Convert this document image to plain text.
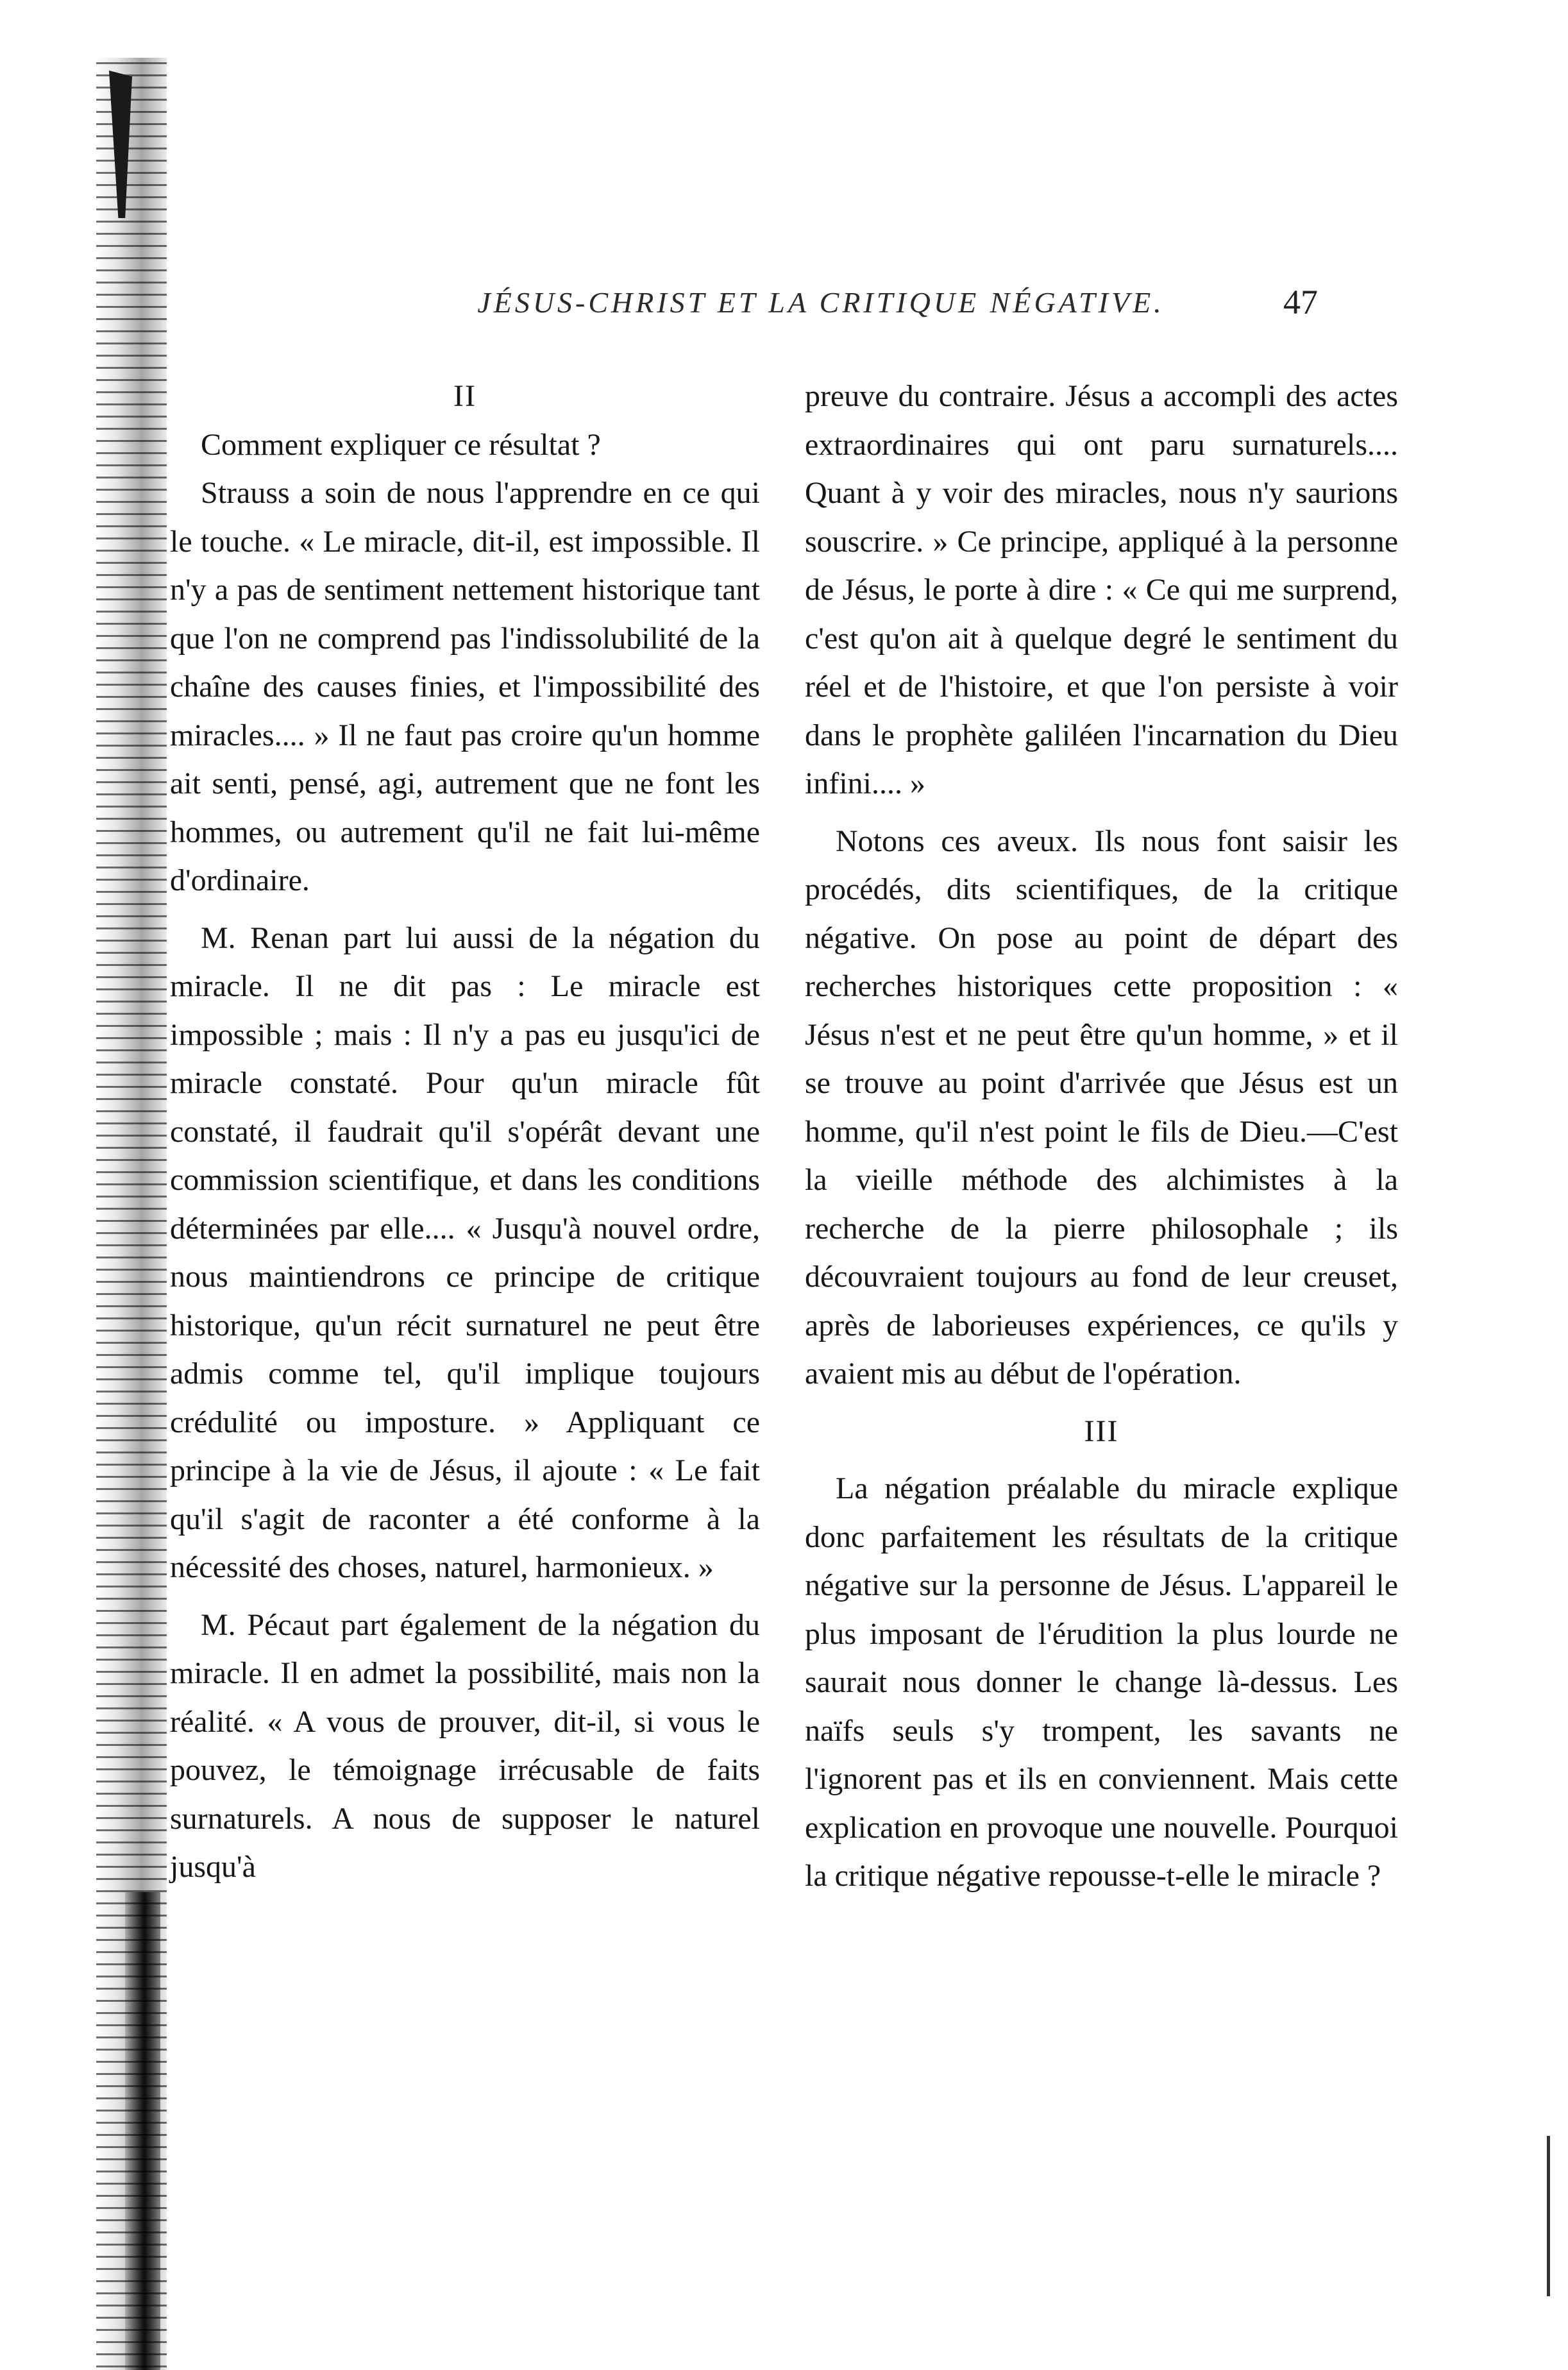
JÉSUS-CHRIST ET LA CRITIQUE NÉGATIVE.	47
II

Comment expliquer ce résultat ?

Strauss a soin de nous l'apprendre en ce qui le touche. « Le miracle, dit-il, est impossible. Il n'y a pas de sentiment nettement historique tant que l'on ne comprend pas l'indissolubilité de la chaîne des causes finies, et l'impossibilité des miracles.... » Il ne faut pas croire qu'un homme ait senti, pensé, agi, autrement que ne font les hommes, ou autrement qu'il ne fait lui-même d'ordinaire.

M. Renan part lui aussi de la négation du miracle. Il ne dit pas : Le miracle est impossible ; mais : Il n'y a pas eu jusqu'ici de miracle constaté. Pour qu'un miracle fût constaté, il faudrait qu'il s'opérât devant une commission scientifique, et dans les conditions déterminées par elle.... « Jusqu'à nouvel ordre, nous maintiendrons ce principe de critique historique, qu'un récit surnaturel ne peut être admis comme tel, qu'il implique toujours crédulité ou imposture. » Appliquant ce principe à la vie de Jésus, il ajoute : « Le fait qu'il s'agit de raconter a été conforme à la nécessité des choses, naturel, harmonieux. »

M. Pécaut part également de la négation du miracle. Il en admet la possibilité, mais non la réalité. « A vous de prouver, dit-il, si vous le pouvez, le témoignage irrécusable de faits surnaturels. A nous de supposer le naturel jusqu'à

preuve du contraire. Jésus a accompli des actes extraordinaires qui ont paru surnaturels.... Quant à y voir des miracles, nous n'y saurions souscrire. » Ce principe, appliqué à la personne de Jésus, le porte à dire : « Ce qui me surprend, c'est qu'on ait à quelque degré le sentiment du réel et de l'histoire, et que l'on persiste à voir dans le prophète galiléen l'incarnation du Dieu infini.... »

Notons ces aveux. Ils nous font saisir les procédés, dits scientifiques, de la critique négative. On pose au point de départ des recherches historiques cette proposition : « Jésus n'est et ne peut être qu'un homme, » et il se trouve au point d'arrivée que Jésus est un homme, qu'il n'est point le fils de Dieu.—C'est la vieille méthode des alchimistes à la recherche de la pierre philosophale ; ils découvraient toujours au fond de leur creuset, après de laborieuses expériences, ce qu'ils y avaient mis au début de l'opération.

III

La négation préalable du miracle explique donc parfaitement les résultats de la critique négative sur la personne de Jésus. L'appareil le plus imposant de l'érudition la plus lourde ne saurait nous donner le change là-dessus. Les naïfs seuls s'y trompent, les savants ne l'ignorent pas et ils en conviennent. Mais cette explication en provoque une nouvelle. Pourquoi la critique négative repousse-t-elle le miracle ?
